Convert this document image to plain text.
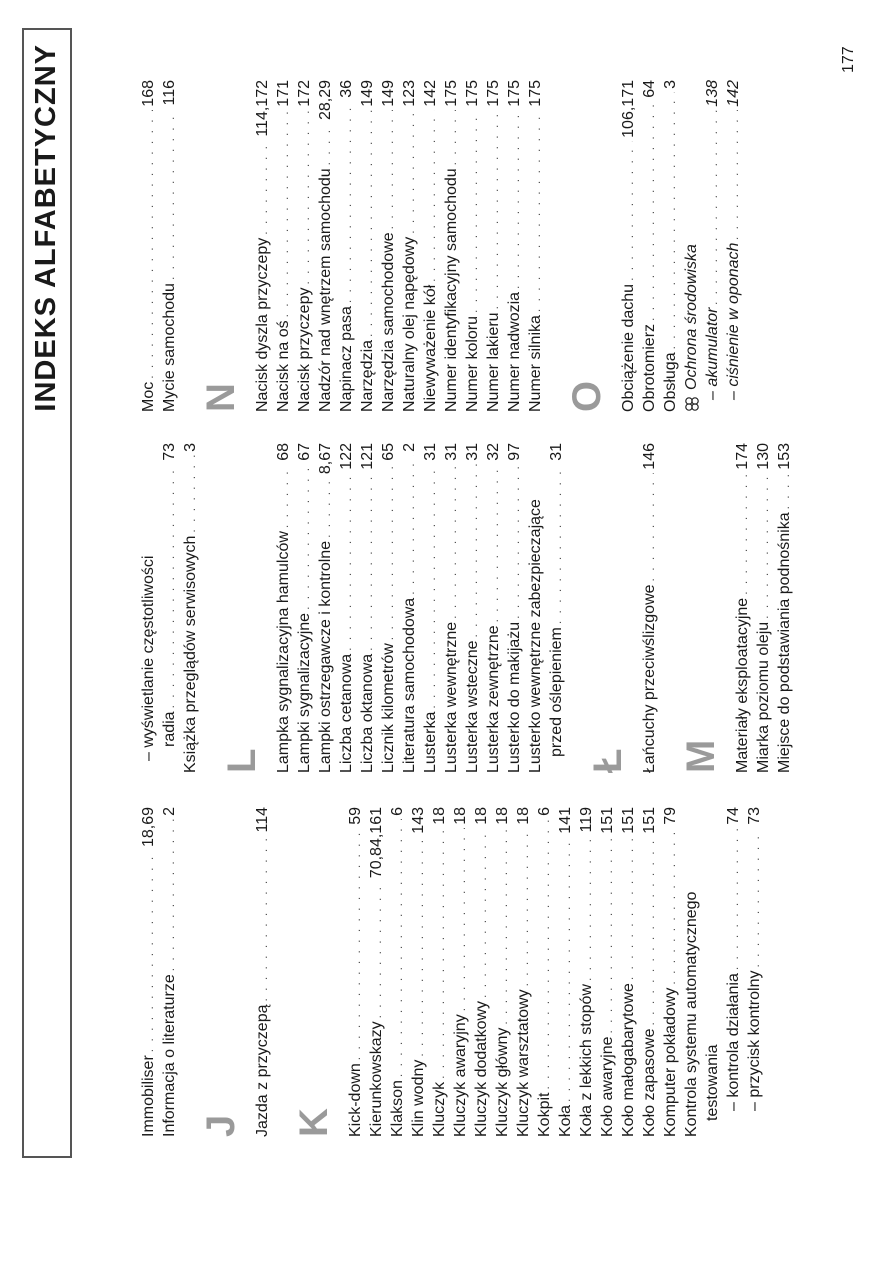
INDEKS ALFABETYCZNY
Immobiliser
. . .
18,69
Informacja o literaturze
. . .
2
J Jazda z przyczepą
. . .
114
K Kick-down
. . .
59
Kierunkowskazy
. . .
70,84,161
Klakson
. . .
6
Klin wodny
. . .
143
Kluczyk
. . .
18
Kluczyk awaryjny
. . .
18
Kluczyk dodatkowy
. . .
18
Kluczyk główny
. . .
18
Kluczyk warsztatowy
. . .
18
Kokpit
. . .
6
Koła
. . .
141
Koła z lekkich stopów
. . .
119
Koło awaryjne
. . .
151
Koło małogabarytowe
. . .
151
Koło zapasowe
. . .
151
Komputer pokładowy
. . .
79
Kontrola systemu automatycznego testowania – kontrola działania
. . .
74
– przycisk kontrolny
. . .
73
– wyświetlanie częstotliwości radia
. . .
73
Książka przeglądów serwisowych
. . .
3
L Lampka sygnalizacyjna hamulców
. . .
68
Lampki sygnalizacyjne
. . .
67
Lampki ostrzegawcze i kontrolne
. . .
8,67
Liczba cetanowa
. . .
122
Liczba oktanowa
. . .
121
Licznik kilometrów
. . .
65
Literatura samochodowa
. . .
2
Lusterka
. . .
31
Lusterka wewnętrzne
. . .
31
Lusterka wsteczne
. . .
31
Lusterka zewnętrzne
. . .
32
Lusterko do makijażu
. . .
97
Lusterko wewnętrzne zabezpieczające przed oślepieniem
. . .
31
Ł Łańcuchy przeciwślizgowe
. . .
146
M Materiały eksploatacyjne
. . .
174
Miarka poziomu oleju
. . .
130
Miejsce do podstawiania podnośnika
. . .
153
Moc
. . .
168
Mycie samochodu
. . .
116
N Nacisk dyszla przyczepy
. . .
114,172
Nacisk na oś
. . .
171
Nacisk przyczepy
. . .
172
Nadzór nad wnętrzem samochodu
. . .
28,29
Napinacz pasa
. . .
36
Narzędzia
. . .
149
Narzędzia samochodowe
. . .
149
Naturalny olej napędowy
. . .
123
Niewyważenie kół
. . .
142
Numer identyfikacyjny samochodu
. . .
175
Numer koloru
. . .
175
Numer lakieru
. . .
175
Numer nadwozia
. . .
175
Numer silnika
. . .
175
O Obciążenie dachu
. . .
106,171
Obrotomierz
. . .
64
Obsługa
. . .
3
Ochrona środowiska – akumulator
. . .
138
– ciśnienie w oponach
. . .
142
177
